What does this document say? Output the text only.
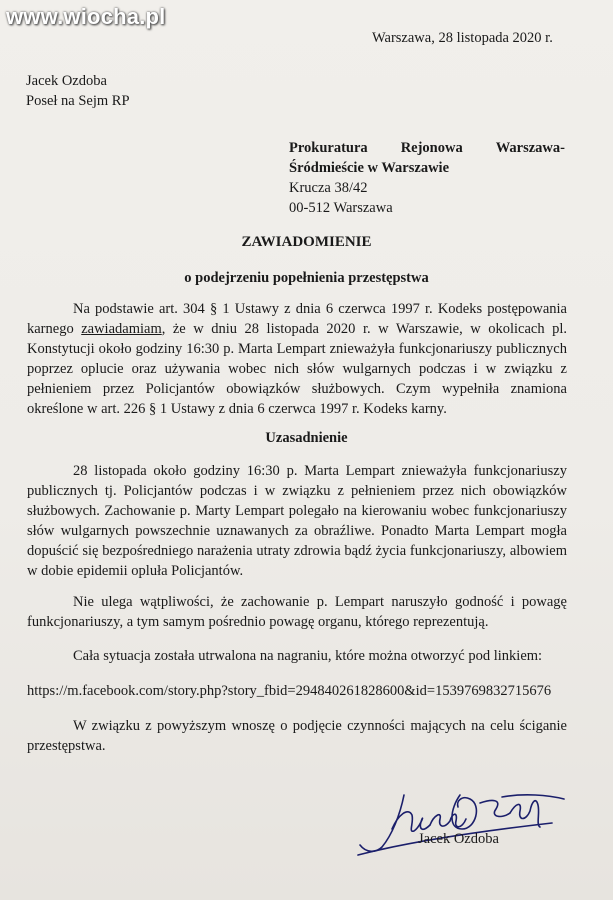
www.wiocha.pl
Warszawa, 28 listopada 2020 r.
Jacek Ozdoba
Poseł na Sejm RP
Prokuratura Rejonowa Warszawa-
Śródmieście w Warszawie
Krucza 38/42
00-512 Warszawa
ZAWIADOMIENIE
o podejrzeniu popełnienia przestępstwa
Na podstawie art. 304 § 1 Ustawy z dnia 6 czerwca 1997 r. Kodeks postępowania karnego zawiadamiam, że w dniu 28 listopada 2020 r. w Warszawie, w okolicach pl. Konstytucji około godziny 16:30 p. Marta Lempart znieważyła funkcjonariuszy publicznych poprzez oplucie oraz używania wobec nich słów wulgarnych podczas i w związku z pełnieniem przez Policjantów obowiązków służbowych. Czym wypełniła znamiona określone w art. 226 § 1 Ustawy z dnia 6 czerwca 1997 r. Kodeks karny.
Uzasadnienie
28 listopada około godziny 16:30 p. Marta Lempart znieważyła funkcjonariuszy publicznych tj. Policjantów podczas i w związku z pełnieniem przez nich obowiązków służbowych. Zachowanie p. Marty Lempart polegało na kierowaniu wobec funkcjonariuszy słów wulgarnych powszechnie uznawanych za obraźliwe. Ponadto Marta Lempart mogła dopuścić się bezpośredniego narażenia utraty zdrowia bądź życia funkcjonariuszy, albowiem w dobie epidemii opluła Policjantów.
Nie ulega wątpliwości, że zachowanie p. Lempart naruszyło godność i powagę funkcjonariuszy, a tym samym pośrednio powagę organu, którego reprezentują.
Cała sytuacja została utrwalona na nagraniu, które można otworzyć pod linkiem:
https://m.facebook.com/story.php?story_fbid=294840261828600&id=1539769832715676
W związku z powyższym wnoszę o podjęcie czynności mających na celu ściganie przestępstwa.
Jacek Ozdoba
